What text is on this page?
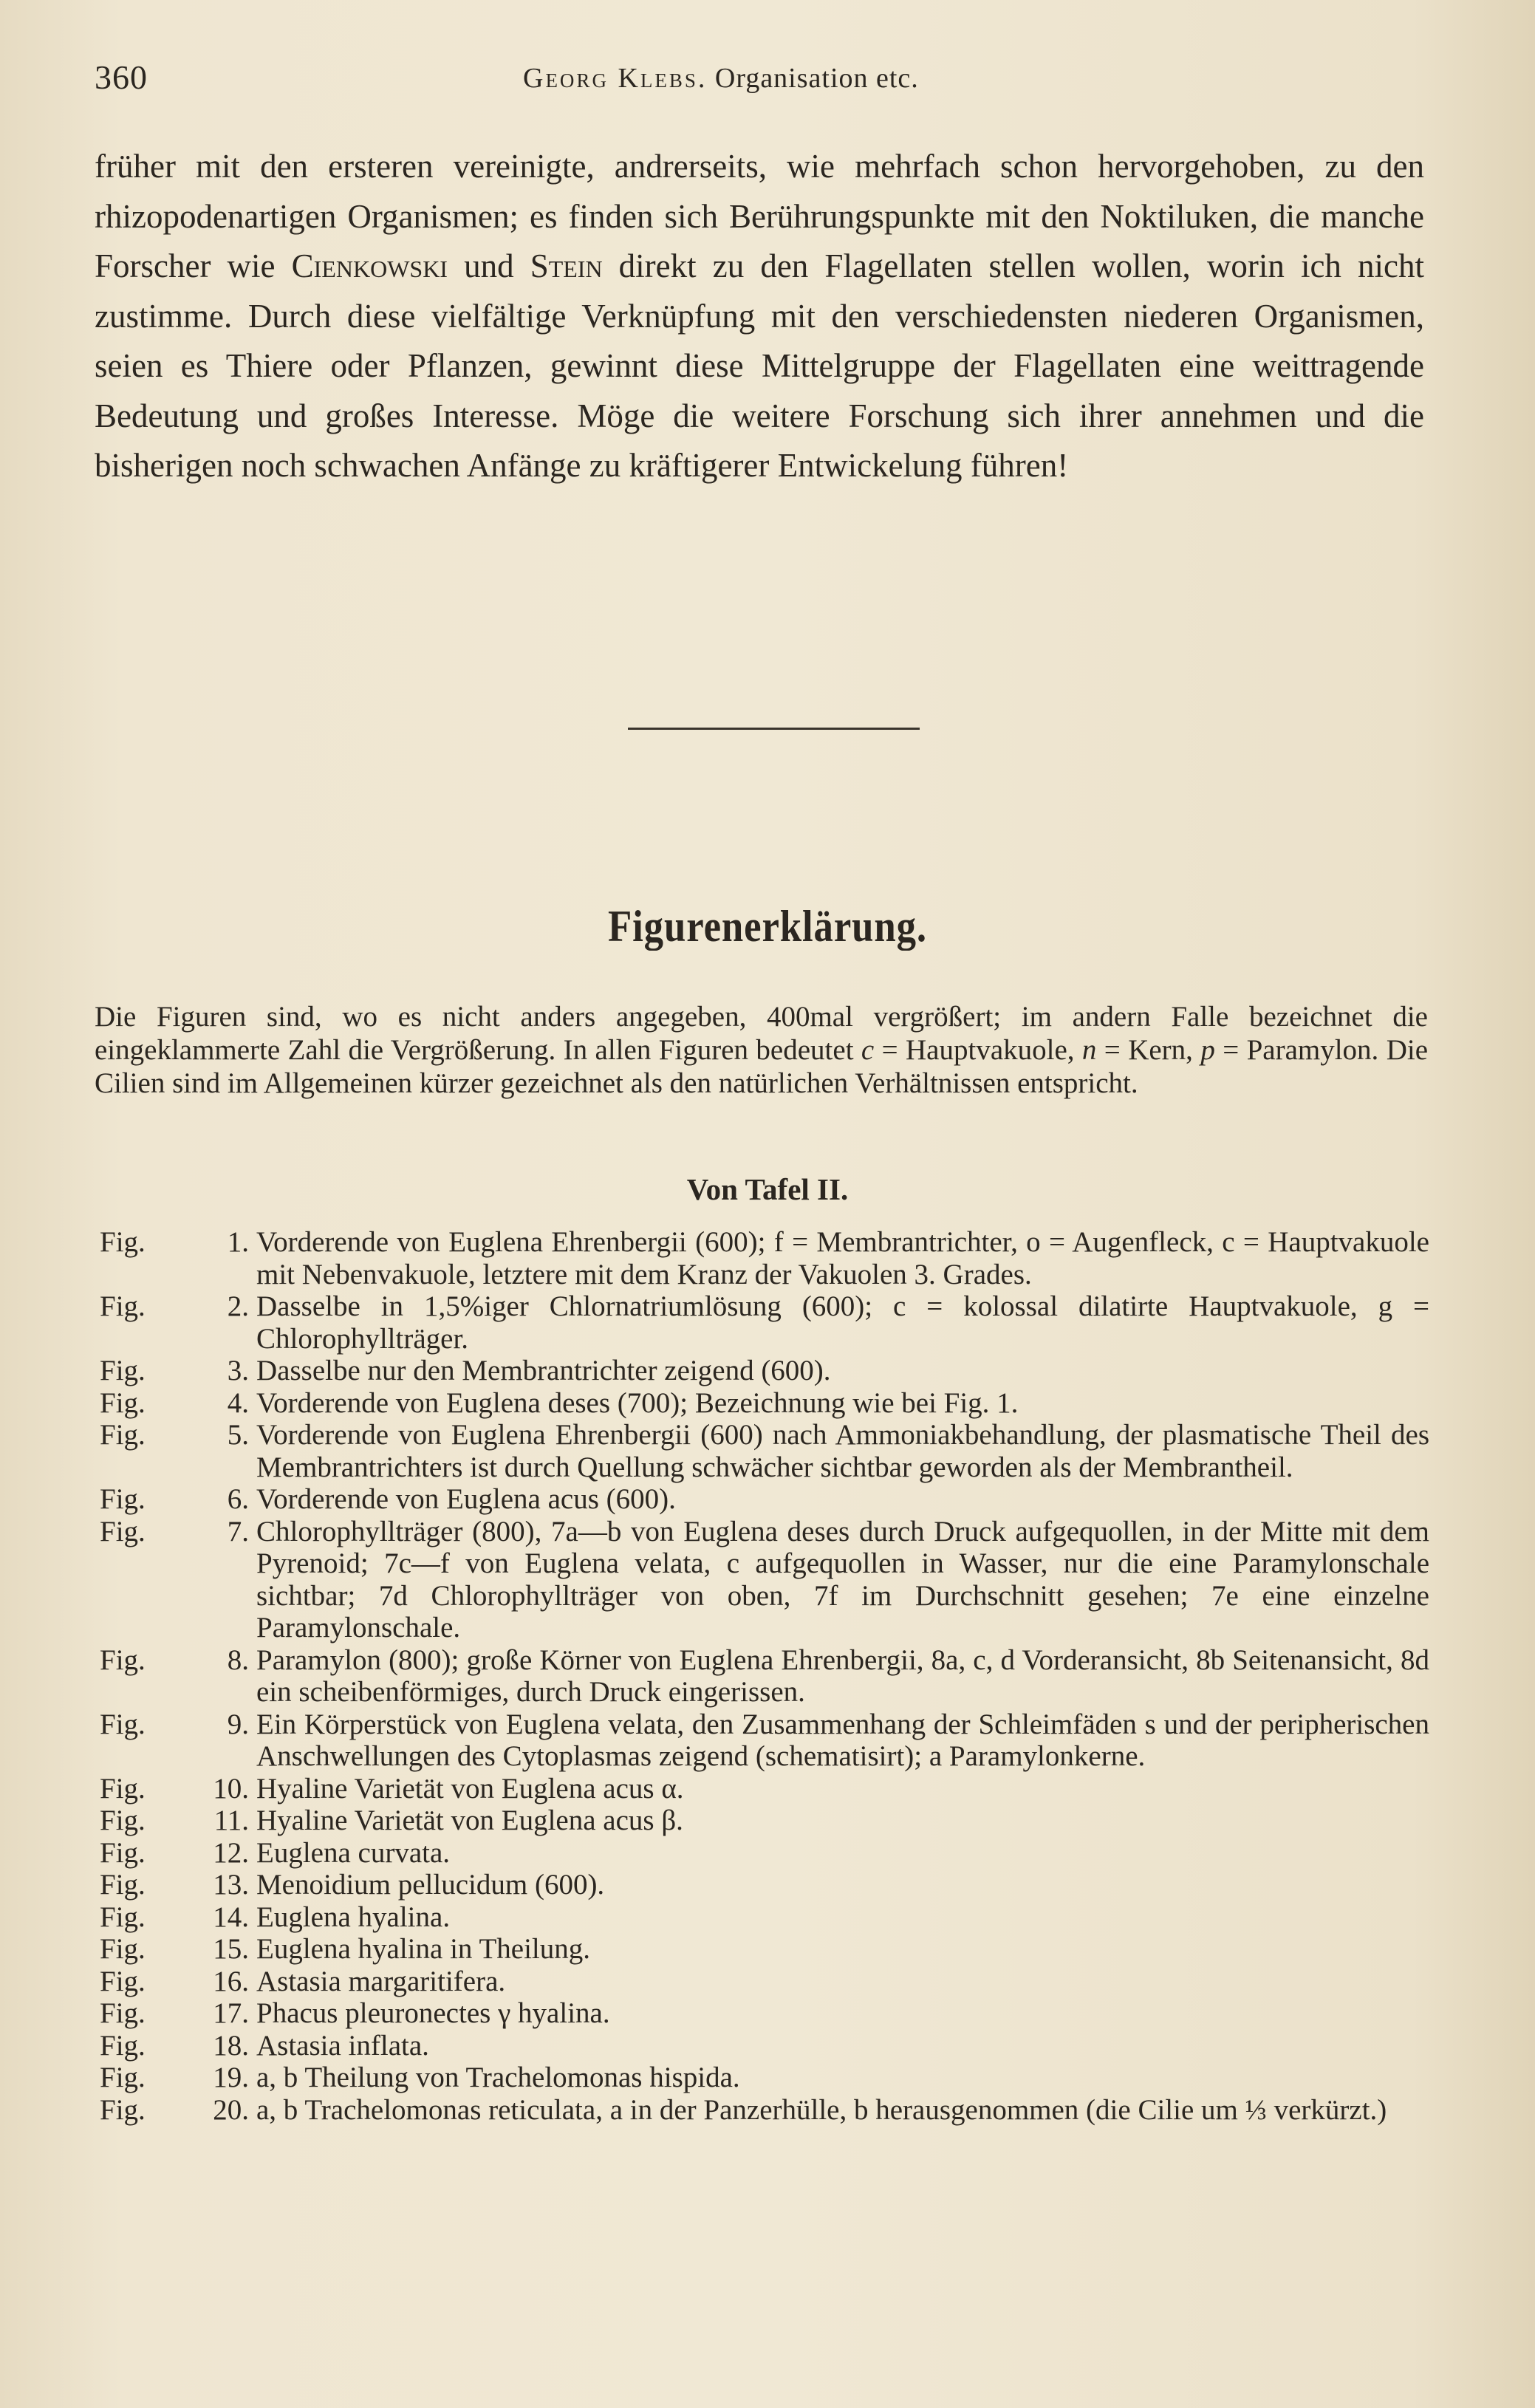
360	Georg Klebs. Organisation etc.

früher mit den ersteren vereinigte, andrerseits, wie mehrfach schon hervorgehoben, zu den rhizopodenartigen Organismen; es finden sich Berührungspunkte mit den Noktiluken, die manche Forscher wie Cienkowski und Stein direkt zu den Flagellaten stellen wollen, worin ich nicht zustimme. Durch diese vielfältige Verknüpfung mit den verschiedensten niederen Organismen, seien es Thiere oder Pflanzen, gewinnt diese Mittelgruppe der Flagellaten eine weittragende Bedeutung und großes Interesse. Möge die weitere Forschung sich ihrer annehmen und die bisherigen noch schwachen Anfänge zu kräftigerer Entwickelung führen!

Figurenerklärung.

Die Figuren sind, wo es nicht anders angegeben, 400mal vergrößert; im andern Falle bezeichnet die eingeklammerte Zahl die Vergrößerung. In allen Figuren bedeutet c = Hauptvakuole, n = Kern, p = Paramylon. Die Cilien sind im Allgemeinen kürzer gezeichnet als den natürlichen Verhältnissen entspricht.

Von Tafel II.
Fig.	1. Vorderende von Euglena Ehrenbergii (600); f = Membrantrichter, o = Augenfleck, c = Hauptvakuole mit Nebenvakuole, letztere mit dem Kranz der Vakuolen 3. Grades.
Fig.	2. Dasselbe in 1,5%iger Chlornatriumlösung (600); c = kolossal dilatirte Hauptvakuole, g = Chlorophyllträger.
Fig.	3. Dasselbe nur den Membrantrichter zeigend (600).
Fig.	4. Vorderende von Euglena deses (700); Bezeichnung wie bei Fig. 1.
Fig.	5. Vorderende von Euglena Ehrenbergii (600) nach Ammoniakbehandlung, der plasmatische Theil des Membrantrichters ist durch Quellung schwächer sichtbar geworden als der Membrantheil.
Fig.	6. Vorderende von Euglena acus (600).
Fig.	7. Chlorophyllträger (800), 7a—b von Euglena deses durch Druck aufgequollen, in der Mitte mit dem Pyrenoid; 7c—f von Euglena velata, c aufgequollen in Wasser, nur die eine Paramylonschale sichtbar; 7d Chlorophyllträger von oben, 7f im Durchschnitt gesehen; 7e eine einzelne Paramylonschale.
Fig.	8. Paramylon (800); große Körner von Euglena Ehrenbergii, 8a, c, d Vorderansicht, 8b Seitenansicht, 8d ein scheibenförmiges, durch Druck eingerissen.
Fig.	9. Ein Körperstück von Euglena velata, den Zusammenhang der Schleimfäden s und der peripherischen Anschwellungen des Cytoplasmas zeigend (schematisirt); a Paramylonkerne.
Fig. 10. Hyaline Varietät von Euglena acus α.
Fig. 11. Hyaline Varietät von Euglena acus β.
Fig. 12. Euglena curvata.
Fig. 13. Menoidium pellucidum (600).
Fig. 14. Euglena hyalina.
Fig. 15. Euglena hyalina in Theilung.
Fig. 16. Astasia margaritifera.
Fig. 17. Phacus pleuronectes γ hyalina.
Fig. 18. Astasia inflata.
Fig. 19. a, b Theilung von Trachelomonas hispida.
Fig. 20. a, b Trachelomonas reticulata, a in der Panzerhülle, b herausgenommen (die Cilie um ⅓ verkürzt.)
